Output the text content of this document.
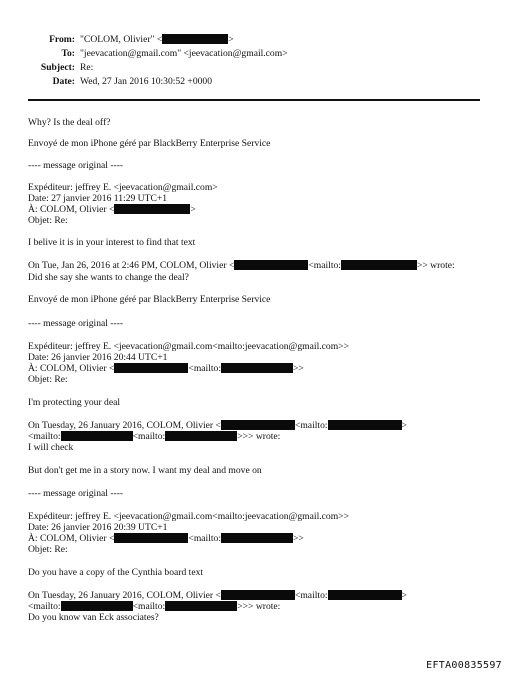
From: "COLOM, Olivier" <	>
To: "jeevacation@gmail.com" <jeevacation@gmail.com>
Subject: Re:
Date: Wed, 27 Jan 2016 10:30:52 +0000
Why? Is the deal off?
Envoyé de mon iPhone géré par BlackBerry Enterprise Service
---- message original ----
Expéditeur: jeffrey E. <jeevacation@gmail.com>
Date: 27 janvier 2016 11:29 UTC+1
À: COLOM, Olivier <	>
Objet: Re:
I belive it is in your interest to find that text
On Tue, Jan 26, 2016 at 2:46 PM, COLOM, Olivier <	<mailto:	>> wrote:
Did she say she wants to change the deal?
Envoyé de mon iPhone géré par BlackBerry Enterprise Service
---- message original ----
Expéditeur: jeffrey E. <jeevacation@gmail.com<mailto:jeevacation@gmail.com>>
Date: 26 janvier 2016 20:44 UTC+1
À: COLOM, Olivier <	<mailto:	>>
Objet: Re:
I'm protecting your deal
On Tuesday, 26 January 2016, COLOM, Olivier <	<mailto:	>
<mailto:	<mailto:	>>> wrote:
I will check
But don't get me in a story now. I want my deal and move on
---- message original ----
Expéditeur: jeffrey E. <jeevacation@gmail.com<mailto:jeevacation@gmail.com>>
Date: 26 janvier 2016 20:39 UTC+1
À: COLOM, Olivier <	<mailto:	>>
Objet: Re:
Do you have a copy of the Cynthia board text
On Tuesday, 26 January 2016, COLOM, Olivier <	<mailto:	>
<mailto:	<mailto:	>>> wrote:
Do you know van Eck associates?
EFTA00835597
